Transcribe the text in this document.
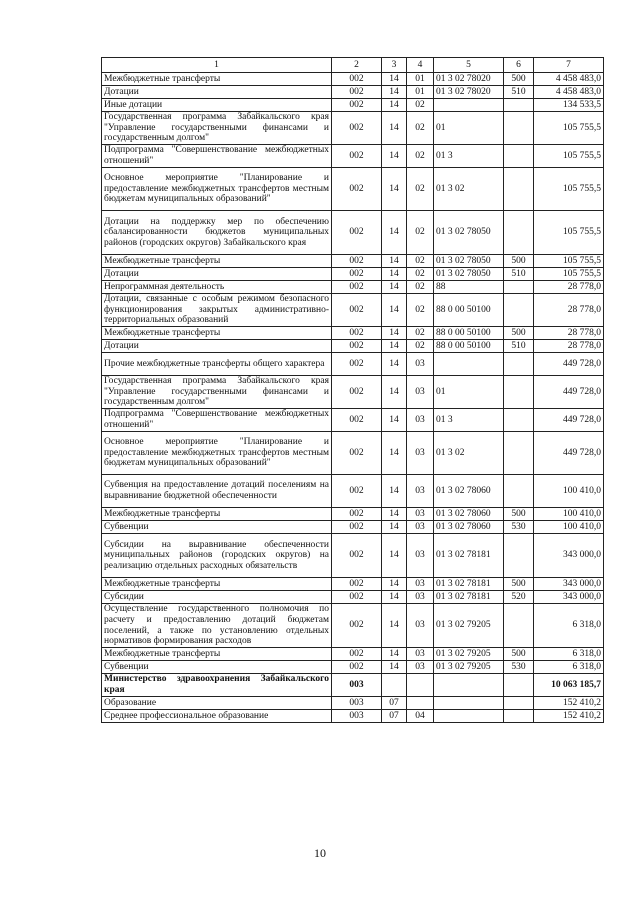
1	2	3	4	5	6	7
Межбюджетные трансферты	002	14	01	01 3 02 78020	500	4 458 483,0
Дотации	002	14	01	01 3 02 78020	510	4 458 483,0
Иные дотации	002	14	02			134 533,5
Государственная программа Забайкальского края "Управление государственными финансами и государственным долгом"	002	14	02	01		105 755,5
Подпрограмма "Совершенствование межбюджетных отношений"	002	14	02	01 3		105 755,5
Основное мероприятие "Планирование и предоставление межбюджетных трансфертов местным бюджетам муниципальных образований"	002	14	02	01 3 02		105 755,5
Дотации на поддержку мер по обеспечению сбалансированности бюджетов муниципальных районов (городских округов) Забайкальского края	002	14	02	01 3 02 78050		105 755,5
Межбюджетные трансферты	002	14	02	01 3 02 78050	500	105 755,5
Дотации	002	14	02	01 3 02 78050	510	105 755,5
Непрограммная деятельность	002	14	02	88		28 778,0
Дотации, связанные с особым режимом безопасного функционирования закрытых административно-территориальных образований	002	14	02	88 0 00 50100		28 778,0
Межбюджетные трансферты	002	14	02	88 0 00 50100	500	28 778,0
Дотации	002	14	02	88 0 00 50100	510	28 778,0
Прочие межбюджетные трансферты общего характера	002	14	03			449 728,0
Государственная программа Забайкальского края "Управление государственными финансами и государственным долгом"	002	14	03	01		449 728,0
Подпрограмма "Совершенствование межбюджетных отношений"	002	14	03	01 3		449 728,0
Основное мероприятие "Планирование и предоставление межбюджетных трансфертов местным бюджетам муниципальных образований"	002	14	03	01 3 02		449 728,0
Субвенция на предоставление дотаций поселениям на выравнивание бюджетной обеспеченности	002	14	03	01 3 02 78060		100 410,0
Межбюджетные трансферты	002	14	03	01 3 02 78060	500	100 410,0
Субвенции	002	14	03	01 3 02 78060	530	100 410,0
Субсидии на выравнивание обеспеченности муниципальных районов (городских округов) на реализацию отдельных расходных обязательств	002	14	03	01 3 02 78181		343 000,0
Межбюджетные трансферты	002	14	03	01 3 02 78181	500	343 000,0
Субсидии	002	14	03	01 3 02 78181	520	343 000,0
Осуществление государственного полномочия по расчету и предоставлению дотаций бюджетам поселений, а также по установлению отдельных нормативов формирования расходов	002	14	03	01 3 02 79205		6 318,0
Межбюджетные трансферты	002	14	03	01 3 02 79205	500	6 318,0
Субвенции	002	14	03	01 3 02 79205	530	6 318,0
Министерство здравоохранения Забайкальского края	003					10 063 185,7
Образование	003	07				152 410,2
Среднее профессиональное образование	003	07	04			152 410,2
10
